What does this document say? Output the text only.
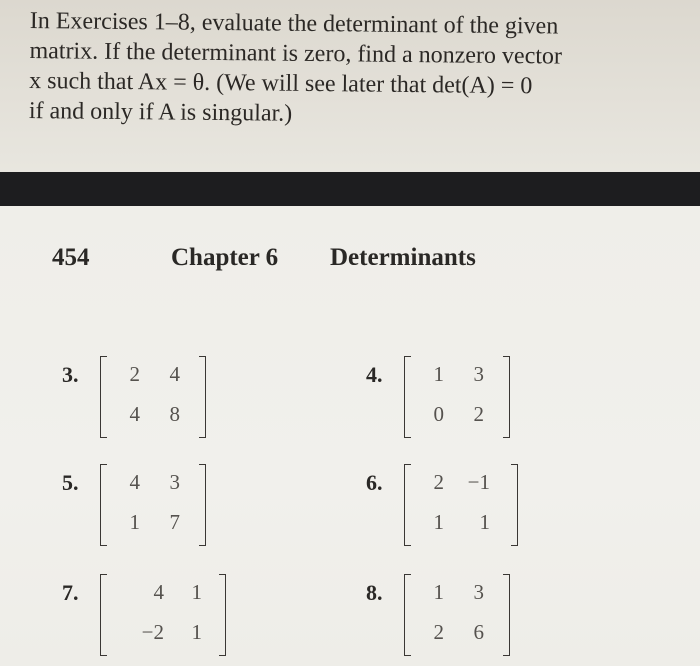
In Exercises 1–8, evaluate the determinant of the given
matrix. If the determinant is zero, find a nonzero vector
x such that Ax = θ. (We will see later that det(A) = 0
if and only if A is singular.)
454	Chapter 6 Determinants
3.	2	4
4	8
4.	1	3
0	2
5.	4	3
1	7
6.	2	−1
1	1
7.	4	1
−2	1
8.	1	3
2	6
